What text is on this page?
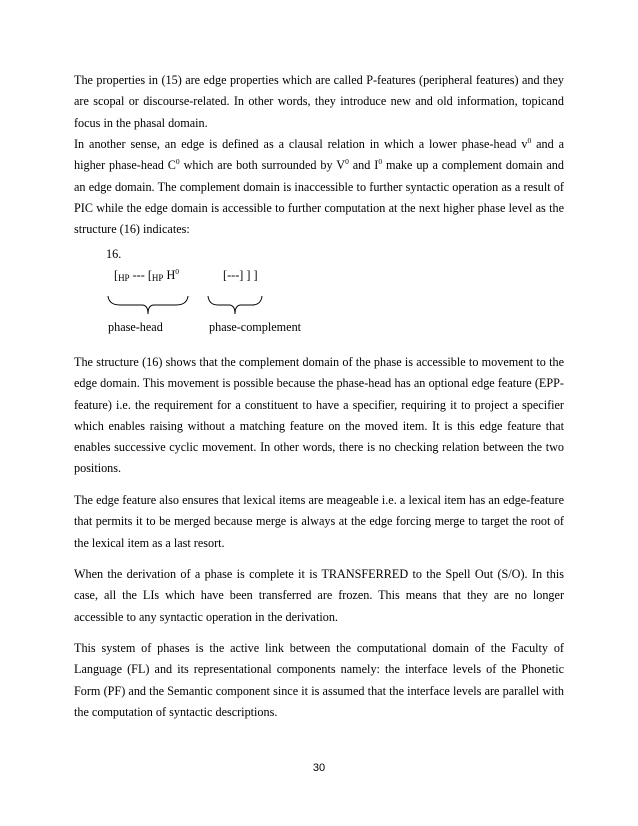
The properties in (15) are edge properties which are called P-features (peripheral features) and they are scopal or discourse-related. In other words, they introduce new and old information, topicand focus in the phasal domain.

In another sense, an edge is defined as a clausal relation in which a lower phase-head $v^0$ and a higher phase-head $C^0$ which are both surrounded by $V^0$ and $I^0$ make up a complement domain and an edge domain. The complement domain is inaccessible to further syntactic operation as a result of PIC while the edge domain is accessible to further computation at the next higher phase level as the structure (16) indicates:

16.
[$_{HP}$ --- [$_{HP}$ $H^0$	[---] ] ]
phase-head	phase-complement

The structure (16) shows that the complement domain of the phase is accessible to movement to the edge domain. This movement is possible because the phase-head has an optional edge feature (EPP-feature) i.e. the requirement for a constituent to have a specifier, requiring it to project a specifier which enables raising without a matching feature on the moved item. It is this edge feature that enables successive cyclic movement. In other words, there is no checking relation between the two positions.

The edge feature also ensures that lexical items are meageable i.e. a lexical item has an edge-feature that permits it to be merged because merge is always at the edge forcing merge to target the root of the lexical item as a last resort.

When the derivation of a phase is complete it is TRANSFERRED to the Spell Out (S/O). In this case, all the LIs which have been transferred are frozen. This means that they are no longer accessible to any syntactic operation in the derivation.

This system of phases is the active link between the computational domain of the Faculty of Language (FL) and its representational components namely: the interface levels of the Phonetic Form (PF) and the Semantic component since it is assumed that the interface levels are parallel with the computation of syntactic descriptions.

30
